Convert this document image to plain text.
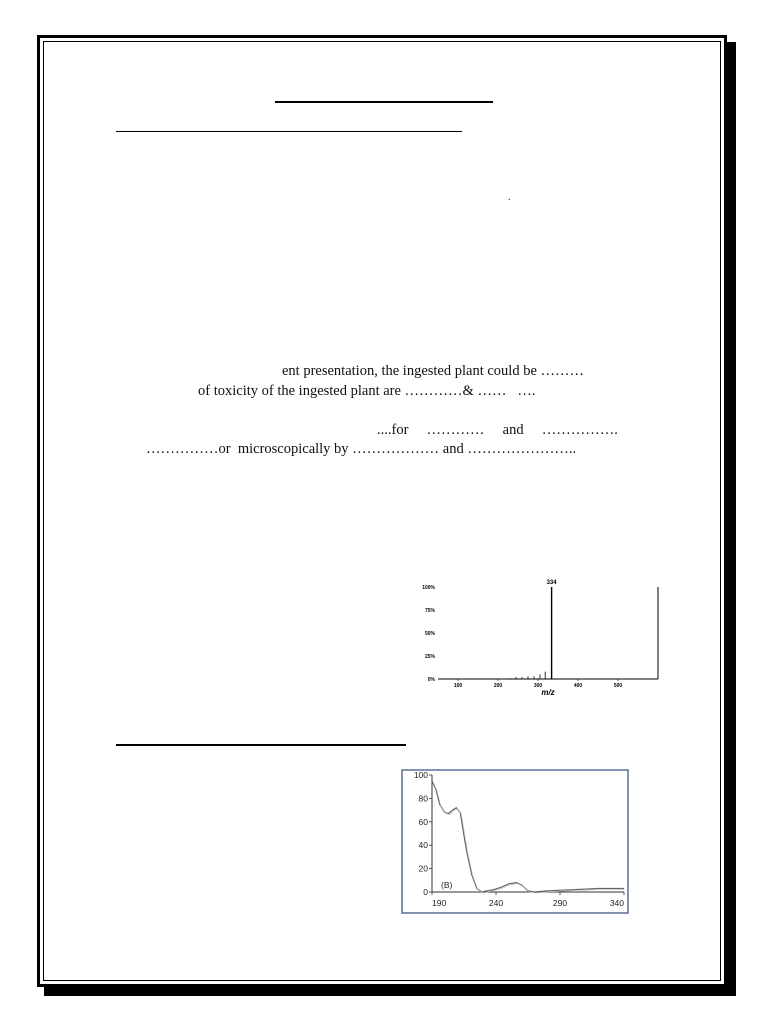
.
ent presentation, the ingested plant could be ………
of toxicity of the ingested plant are …………& ……   ….
....for     …………     and     …………….
……………or  microscopically by ……………… and …………………..
0%
25%
50%
75%
100%
100	200	300	400	500
334
m/z
0
20
40
60
80
100
190	240	290	340
(B)
